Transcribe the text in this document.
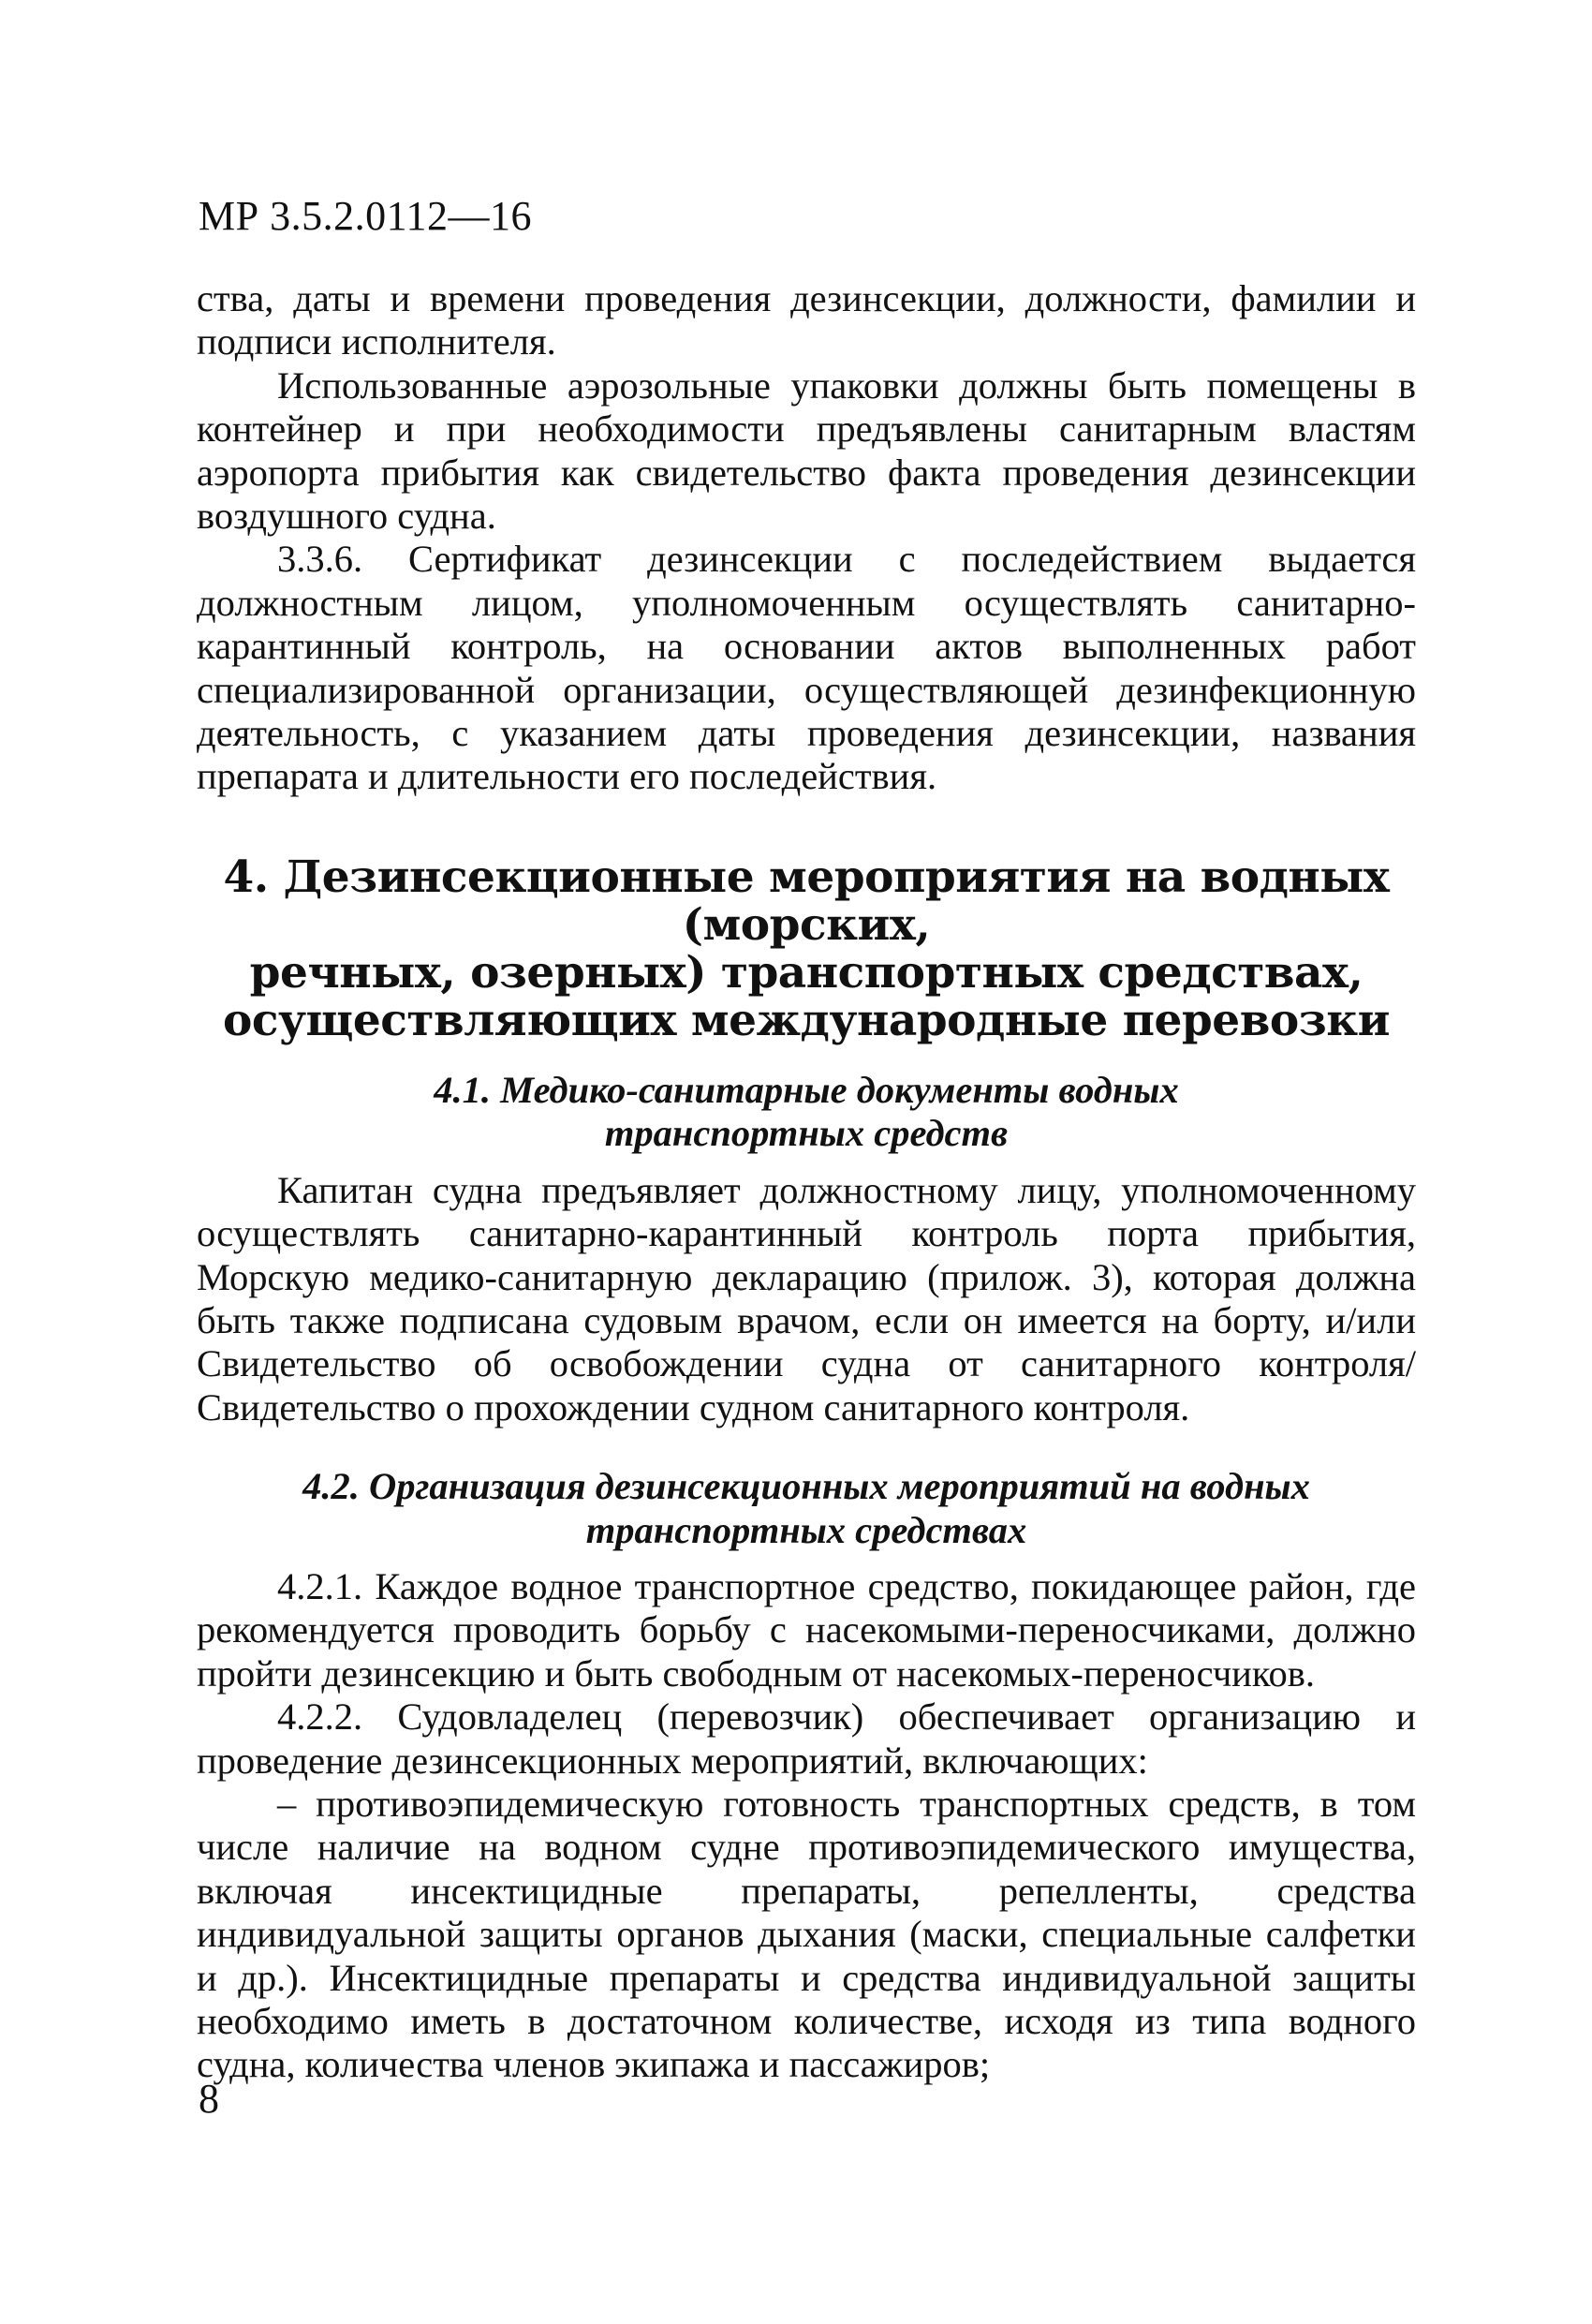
МР 3.5.2.0112—16

ства, даты и времени проведения дезинсекции, должности, фамилии и подписи исполнителя.

Использованные аэрозольные упаковки должны быть помещены в контейнер и при необходимости предъявлены санитарным властям аэропорта прибытия как свидетельство факта проведения дезинсекции воздушного судна.

3.3.6. Сертификат дезинсекции с последействием выдается должностным лицом, уполномоченным осуществлять санитарно-карантинный контроль, на основании актов выполненных работ специализированной организации, осуществляющей дезинфекционную деятельность, с указанием даты проведения дезинсекции, названия препарата и длительности его последействия.

4. Дезинсекционные мероприятия на водных (морских,
речных, озерных) транспортных средствах,
осуществляющих международные перевозки
4.1. Медико-санитарные документы водных
транспортных средств

Капитан судна предъявляет должностному лицу, уполномоченному осуществлять санитарно-карантинный контроль порта прибытия, Морскую медико-санитарную декларацию (прилож. 3), которая должна быть также подписана судовым врачом, если он имеется на борту, и/или Свидетельство об освобождении судна от санитарного контроля/Свидетельство о прохождении судном санитарного контроля.

4.2. Организация дезинсекционных мероприятий на водных
транспортных средствах

4.2.1. Каждое водное транспортное средство, покидающее район, где рекомендуется проводить борьбу с насекомыми-переносчиками, должно пройти дезинсекцию и быть свободным от насекомых-переносчиков.

4.2.2. Судовладелец (перевозчик) обеспечивает организацию и проведение дезинсекционных мероприятий, включающих:

– противоэпидемическую готовность транспортных средств, в том числе наличие на водном судне противоэпидемического имущества, включая инсектицидные препараты, репелленты, средства индивидуальной защиты органов дыхания (маски, специальные салфетки и др.). Инсектицидные препараты и средства индивидуальной защиты необходимо иметь в достаточном количестве, исходя из типа водного судна, количества членов экипажа и пассажиров;

8
